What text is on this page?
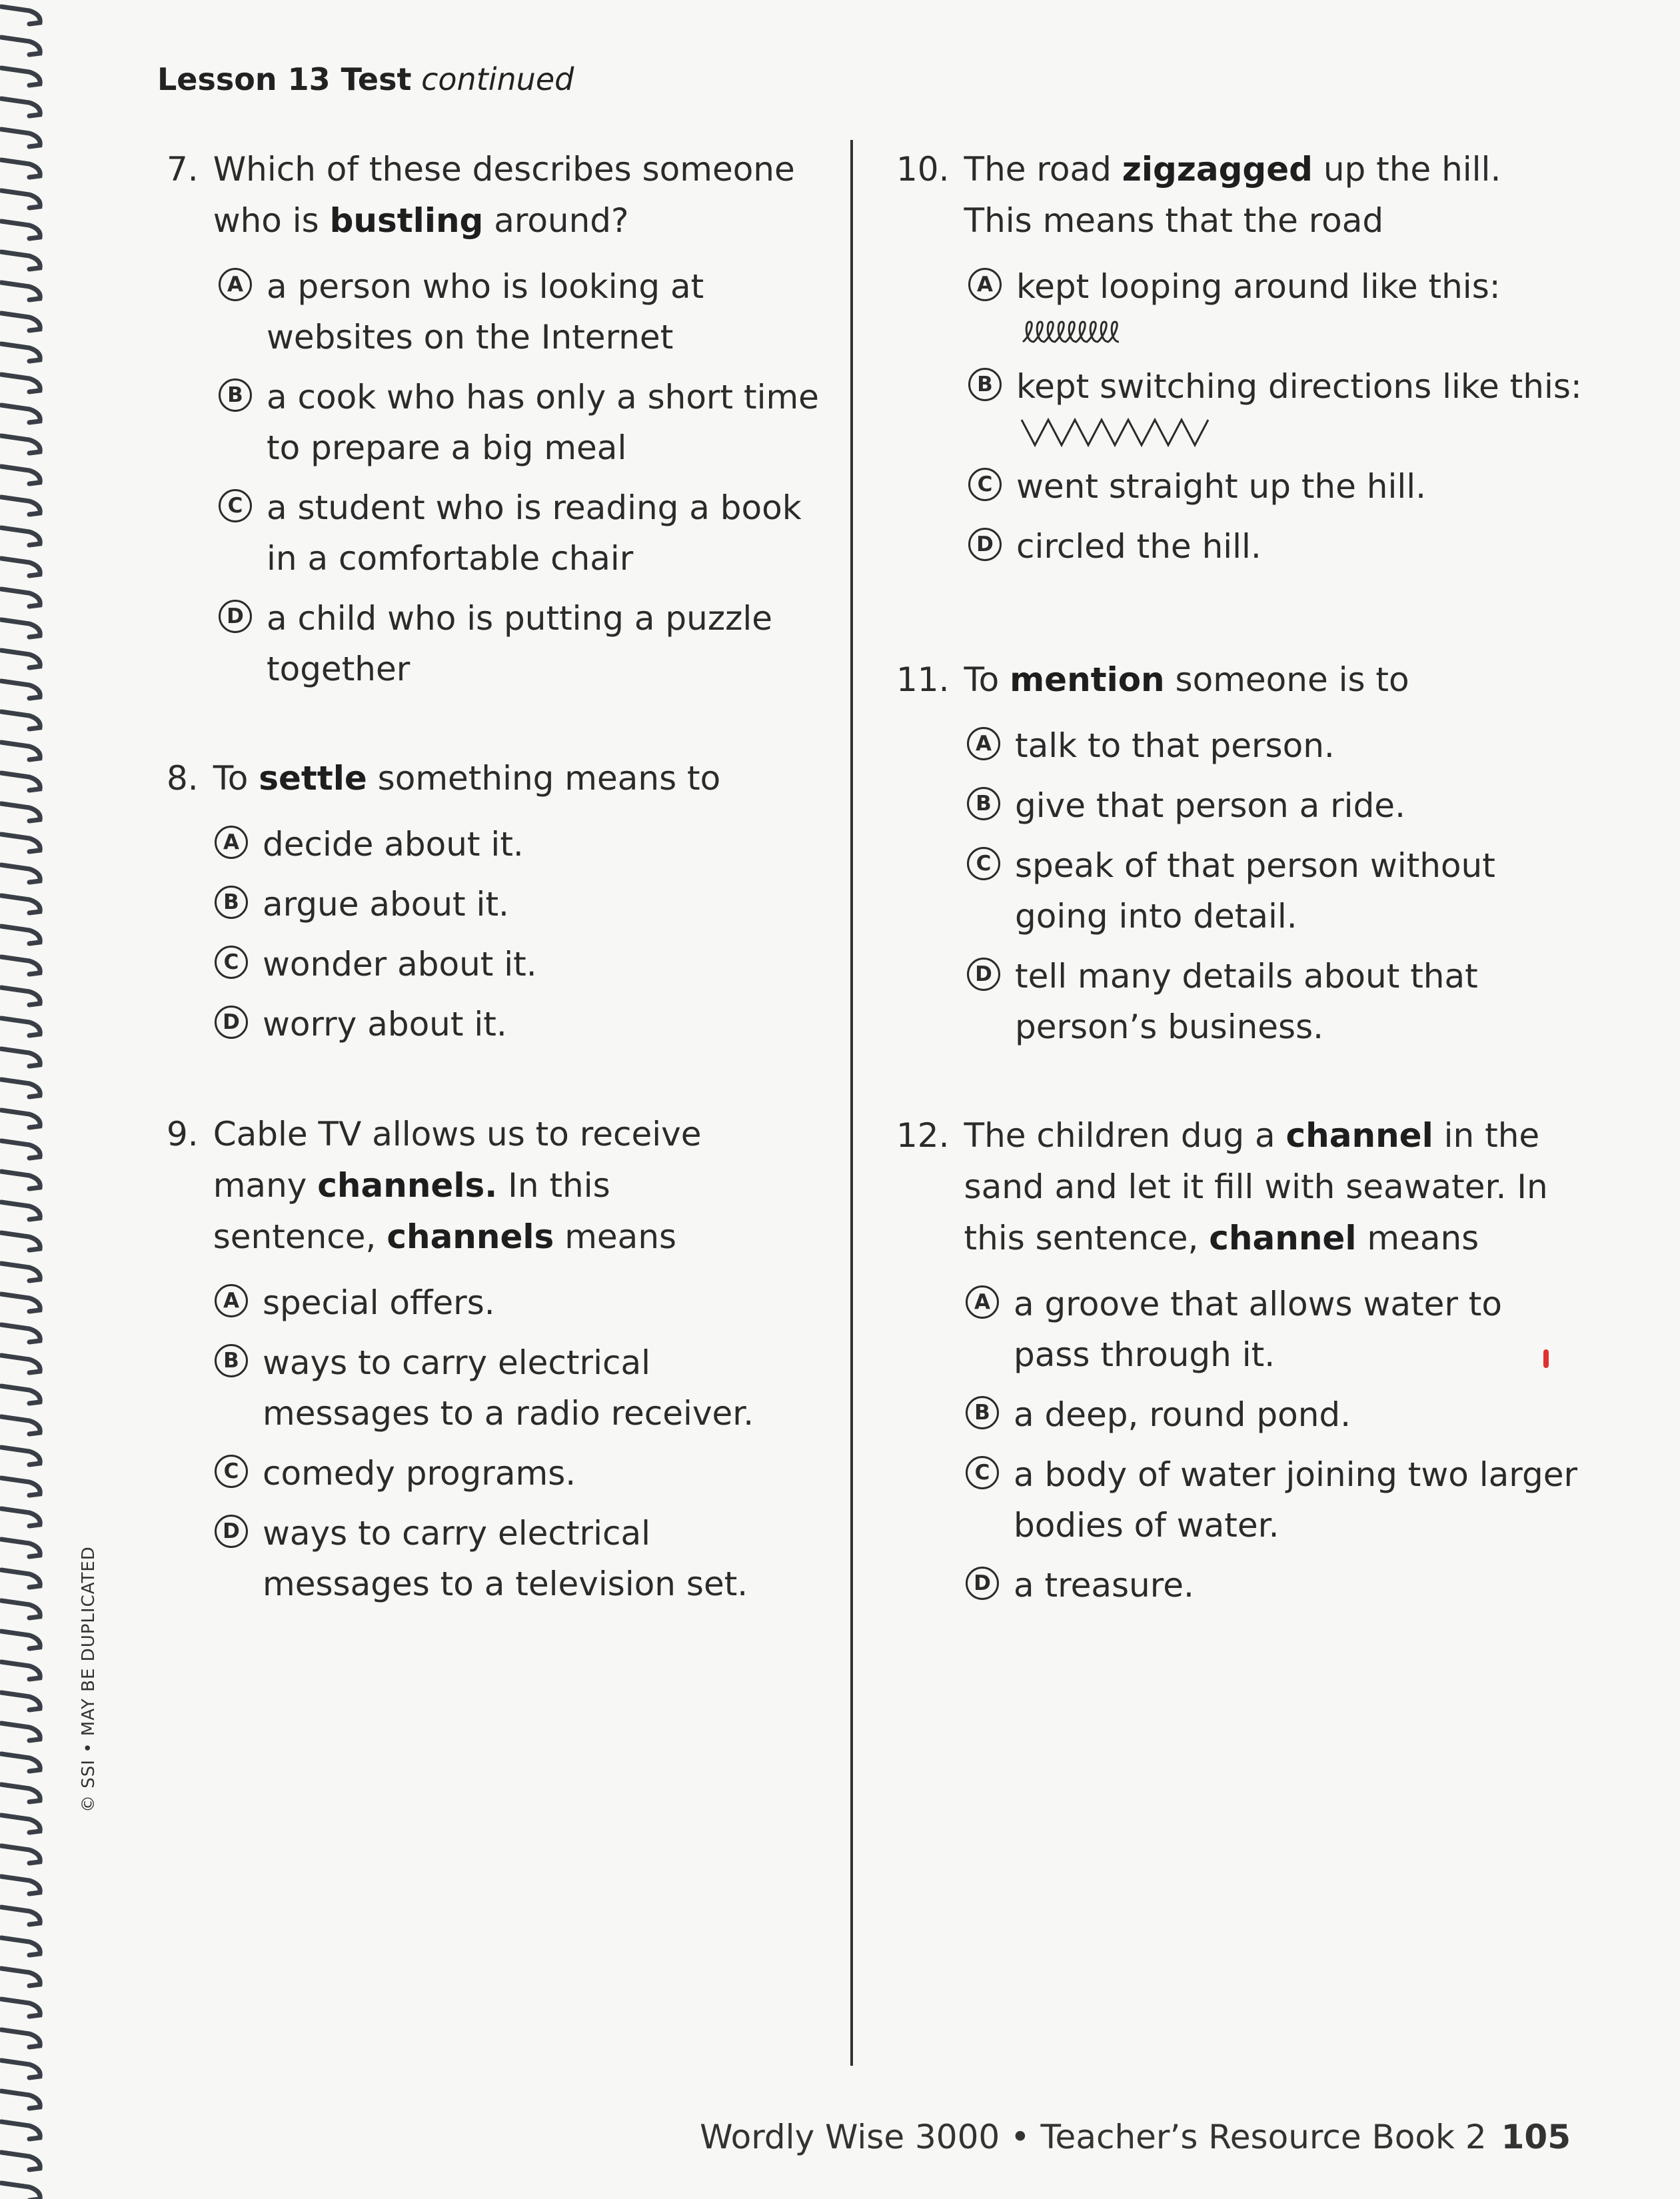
Lesson 13 Test continued
7. Which of these describes someone
who is bustling around?
A a person who is looking at websites on the Internet
B a cook who has only a short time to prepare a big meal
C a student who is reading a book in a comfortable chair
D a child who is putting a puzzle together
8. To settle something means to
A decide about it.
B argue about it.
C wonder about it.
D worry about it.
9. Cable TV allows us to receive many channels. In this sentence, channels means
A special offers.
B ways to carry electrical messages to a radio receiver.
C comedy programs.
D ways to carry electrical messages to a television set.
10. The road zigzagged up the hill. This means that the road
A kept looping around like this:
B kept switching directions like this:
C went straight up the hill.
D circled the hill.
11. To mention someone is to
A talk to that person.
B give that person a ride.
C speak of that person without going into detail.
D tell many details about that person’s business.
12. The children dug a channel in the sand and let it fill with seawater. In this sentence, channel means
A a groove that allows water to pass through it.
B a deep, round pond.
C a body of water joining two larger bodies of water.
D a treasure.
© SSI • MAY BE DUPLICATED
Wordly Wise 3000 • Teacher’s Resource Book 2 105
